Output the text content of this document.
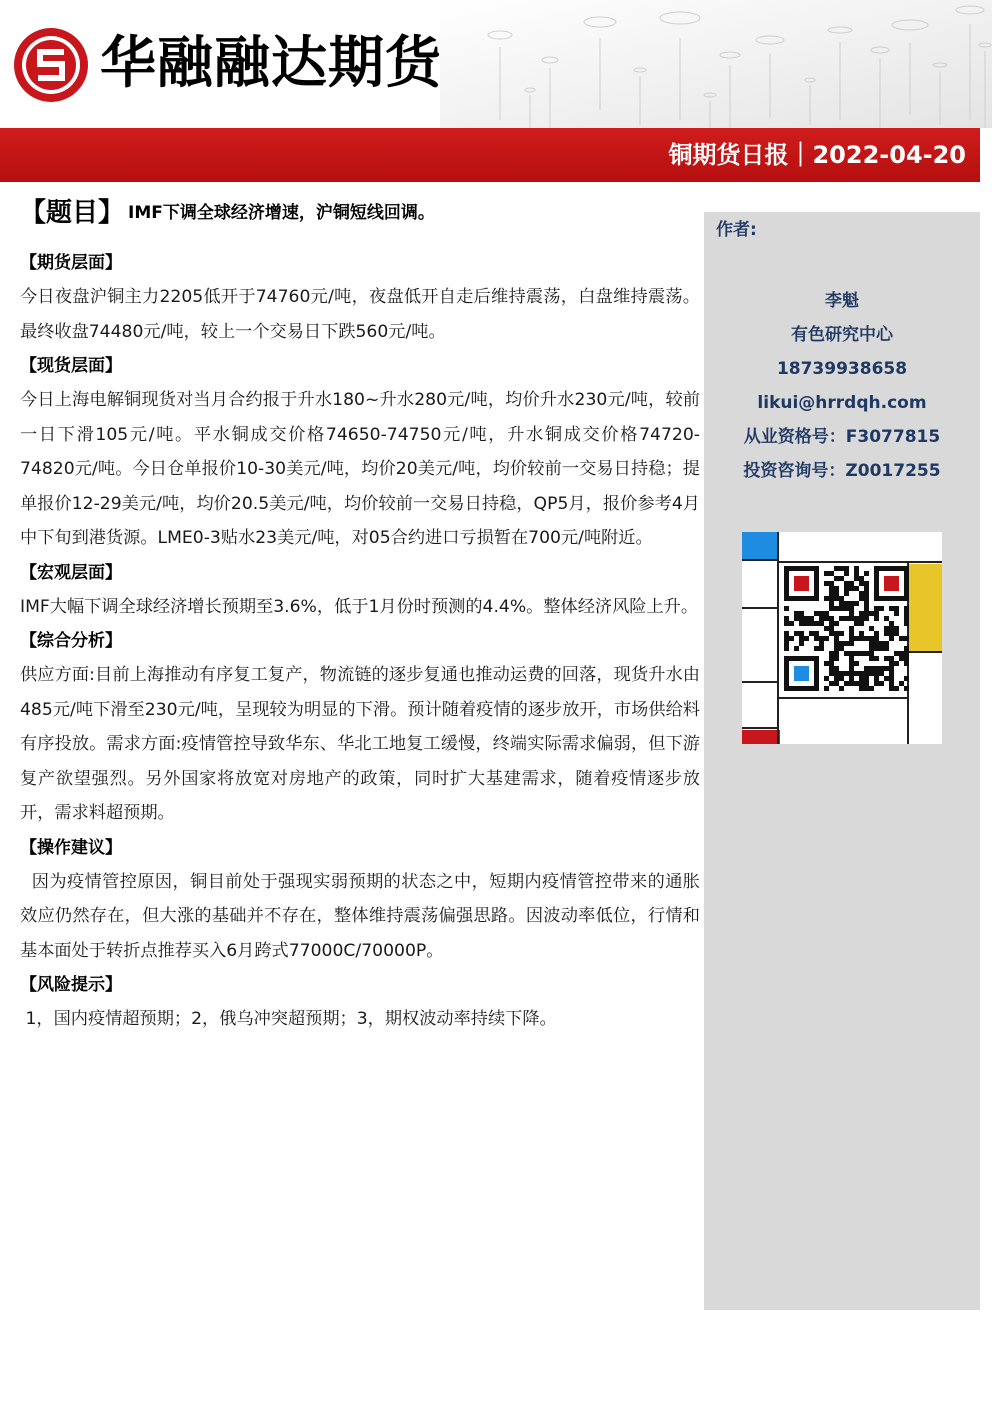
华融融达期货
铜期货日报｜2022-04-20
【题目】 IMF下调全球经济增速，沪铜短线回调。
【期货层面】
今日夜盘沪铜主力2205低开于74760元/吨，夜盘低开自走后维持震荡，白盘维持震荡。最终收盘74480元/吨，较上一个交易日下跌560元/吨。
【现货层面】
今日上海电解铜现货对当月合约报于升水180~升水280元/吨，均价升水230元/吨，较前一日下滑105元/吨。平水铜成交价格74650-74750元/吨，升水铜成交价格74720-74820元/吨。今日仓单报价10-30美元/吨，均价20美元/吨，均价较前一交易日持稳；提单报价12-29美元/吨，均价20.5美元/吨，均价较前一交易日持稳，QP5月，报价参考4月中下旬到港货源。LME0-3贴水23美元/吨，对05合约进口亏损暂在700元/吨附近。
【宏观层面】
IMF大幅下调全球经济增长预期至3.6%，低于1月份时预测的4.4%。整体经济风险上升。
【综合分析】
供应方面:目前上海推动有序复工复产，物流链的逐步复通也推动运费的回落，现货升水由485元/吨下滑至230元/吨，呈现较为明显的下滑。预计随着疫情的逐步放开，市场供给料有序投放。需求方面:疫情管控导致华东、华北工地复工缓慢，终端实际需求偏弱，但下游复产欲望强烈。另外国家将放宽对房地产的政策，同时扩大基建需求，随着疫情逐步放开，需求料超预期。
【操作建议】
因为疫情管控原因，铜目前处于强现实弱预期的状态之中，短期内疫情管控带来的通胀效应仍然存在，但大涨的基础并不存在，整体维持震荡偏强思路。因波动率低位，行情和基本面处于转折点推荐买入6月跨式77000C/70000P。
【风险提示】
1，国内疫情超预期；2，俄乌冲突超预期；3，期权波动率持续下降。
作者:
李魁
有色研究中心
18739938658
likui@hrrdqh.com
从业资格号：F3077815
投资咨询号：Z0017255
